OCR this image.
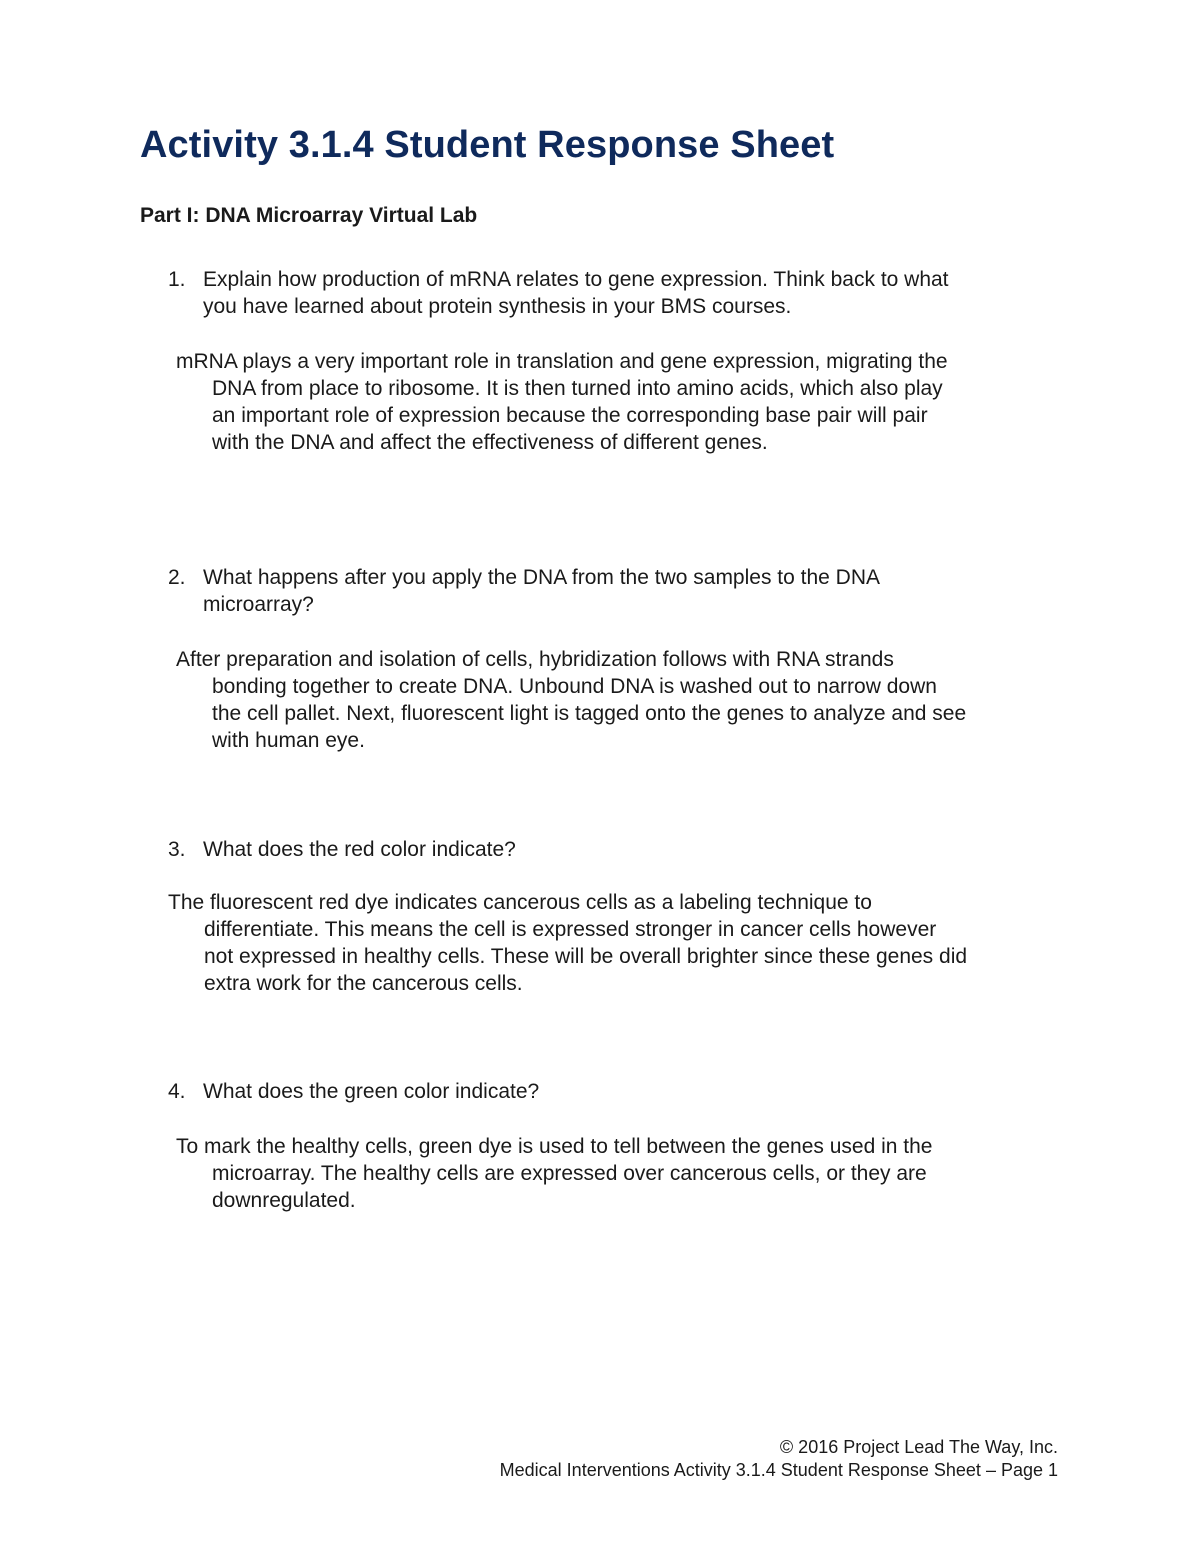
Activity 3.1.4 Student Response Sheet
Part I: DNA Microarray Virtual Lab
1. Explain how production of mRNA relates to gene expression. Think back to what
you have learned about protein synthesis in your BMS courses.

mRNA plays a very important role in translation and gene expression, migrating the
DNA from place to ribosome. It is then turned into amino acids, which also play
an important role of expression because the corresponding base pair will pair
with the DNA and affect the effectiveness of different genes.

2. What happens after you apply the DNA from the two samples to the DNA
microarray?

After preparation and isolation of cells, hybridization follows with RNA strands
bonding together to create DNA. Unbound DNA is washed out to narrow down
the cell pallet. Next, fluorescent light is tagged onto the genes to analyze and see
with human eye.

3. What does the red color indicate?

The fluorescent red dye indicates cancerous cells as a labeling technique to
differentiate. This means the cell is expressed stronger in cancer cells however
not expressed in healthy cells. These will be overall brighter since these genes did
extra work for the cancerous cells.

4. What does the green color indicate?

To mark the healthy cells, green dye is used to tell between the genes used in the
microarray. The healthy cells are expressed over cancerous cells, or they are
downregulated.

© 2016 Project Lead The Way, Inc.
Medical Interventions Activity 3.1.4 Student Response Sheet – Page 1
